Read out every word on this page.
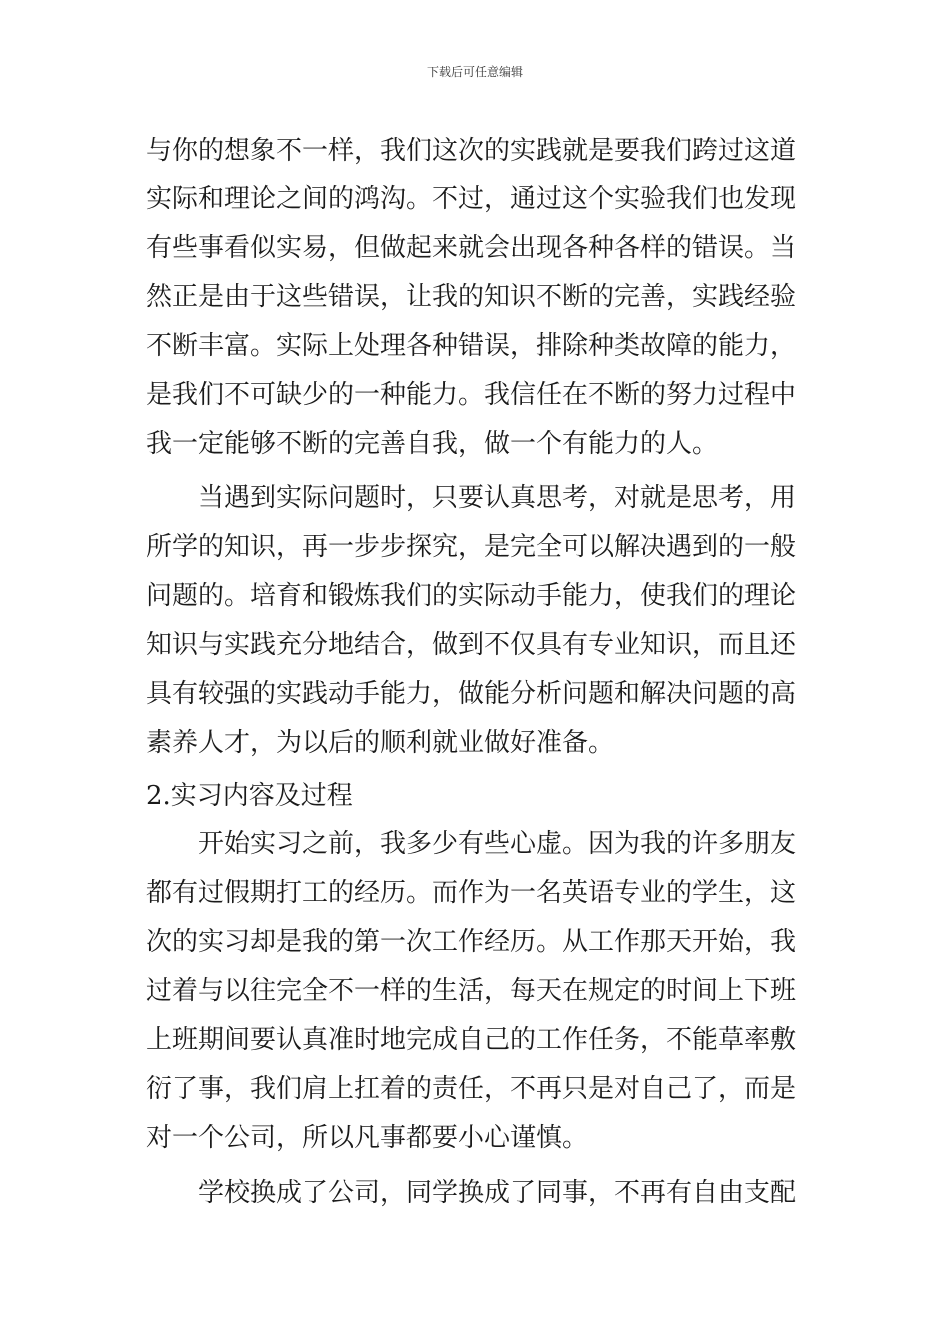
下载后可任意编辑
与你的想象不一样，我们这次的实践就是要我们跨过这道
实际和理论之间的鸿沟。不过，通过这个实验我们也发现
有些事看似实易，但做起来就会出现各种各样的错误。当
然正是由于这些错误，让我的知识不断的完善，实践经验
不断丰富。实际上处理各种错误，排除种类故障的能力，
是我们不可缺少的一种能力。我信任在不断的努力过程中
我一定能够不断的完善自我，做一个有能力的人。
当遇到实际问题时，只要认真思考，对就是思考，用
所学的知识，再一步步探究，是完全可以解决遇到的一般
问题的。培育和锻炼我们的实际动手能力，使我们的理论
知识与实践充分地结合，做到不仅具有专业知识，而且还
具有较强的实践动手能力，做能分析问题和解决问题的高
素养人才，为以后的顺利就业做好准备。
2.实习内容及过程
开始实习之前，我多少有些心虚。因为我的许多朋友
都有过假期打工的经历。而作为一名英语专业的学生，这
次的实习却是我的第一次工作经历。从工作那天开始，我
过着与以往完全不一样的生活，每天在规定的时间上下班
上班期间要认真准时地完成自己的工作任务，不能草率敷
衍了事，我们肩上扛着的责任，不再只是对自己了，而是
对一个公司，所以凡事都要小心谨慎。
学校换成了公司，同学换成了同事，不再有自由支配
